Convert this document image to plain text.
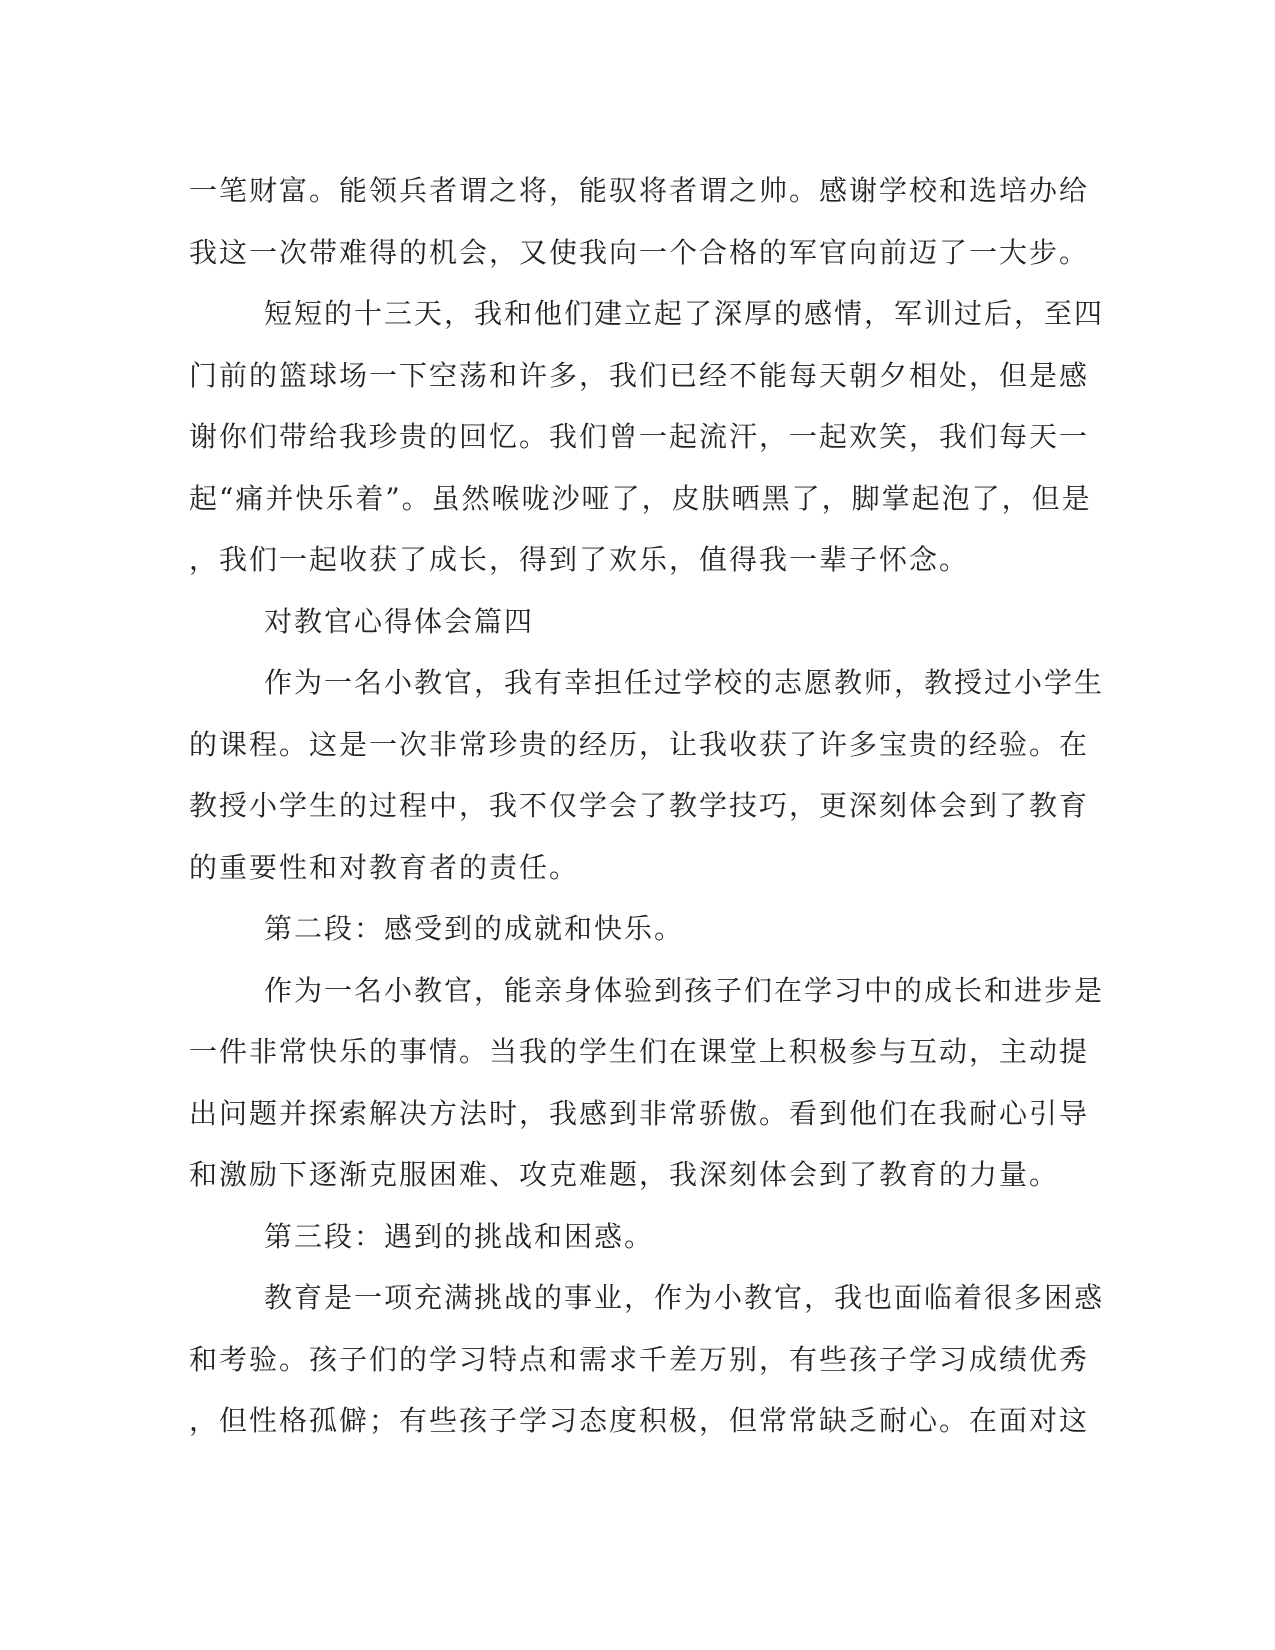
一笔财富。能领兵者谓之将，能驭将者谓之帅。感谢学校和选培办给
我这一次带难得的机会，又使我向一个合格的军官向前迈了一大步。
短短的十三天，我和他们建立起了深厚的感情，军训过后，至四
门前的篮球场一下空荡和许多，我们已经不能每天朝夕相处，但是感
谢你们带给我珍贵的回忆。我们曾一起流汗，一起欢笑，我们每天一
起“痛并快乐着”。虽然喉咙沙哑了，皮肤晒黑了，脚掌起泡了，但是
，我们一起收获了成长，得到了欢乐，值得我一辈子怀念。
对教官心得体会篇四
作为一名小教官，我有幸担任过学校的志愿教师，教授过小学生
的课程。这是一次非常珍贵的经历，让我收获了许多宝贵的经验。在
教授小学生的过程中，我不仅学会了教学技巧，更深刻体会到了教育
的重要性和对教育者的责任。
第二段：感受到的成就和快乐。
作为一名小教官，能亲身体验到孩子们在学习中的成长和进步是
一件非常快乐的事情。当我的学生们在课堂上积极参与互动，主动提
出问题并探索解决方法时，我感到非常骄傲。看到他们在我耐心引导
和激励下逐渐克服困难、攻克难题，我深刻体会到了教育的力量。
第三段：遇到的挑战和困惑。
教育是一项充满挑战的事业，作为小教官，我也面临着很多困惑
和考验。孩子们的学习特点和需求千差万别，有些孩子学习成绩优秀
，但性格孤僻；有些孩子学习态度积极，但常常缺乏耐心。在面对这
